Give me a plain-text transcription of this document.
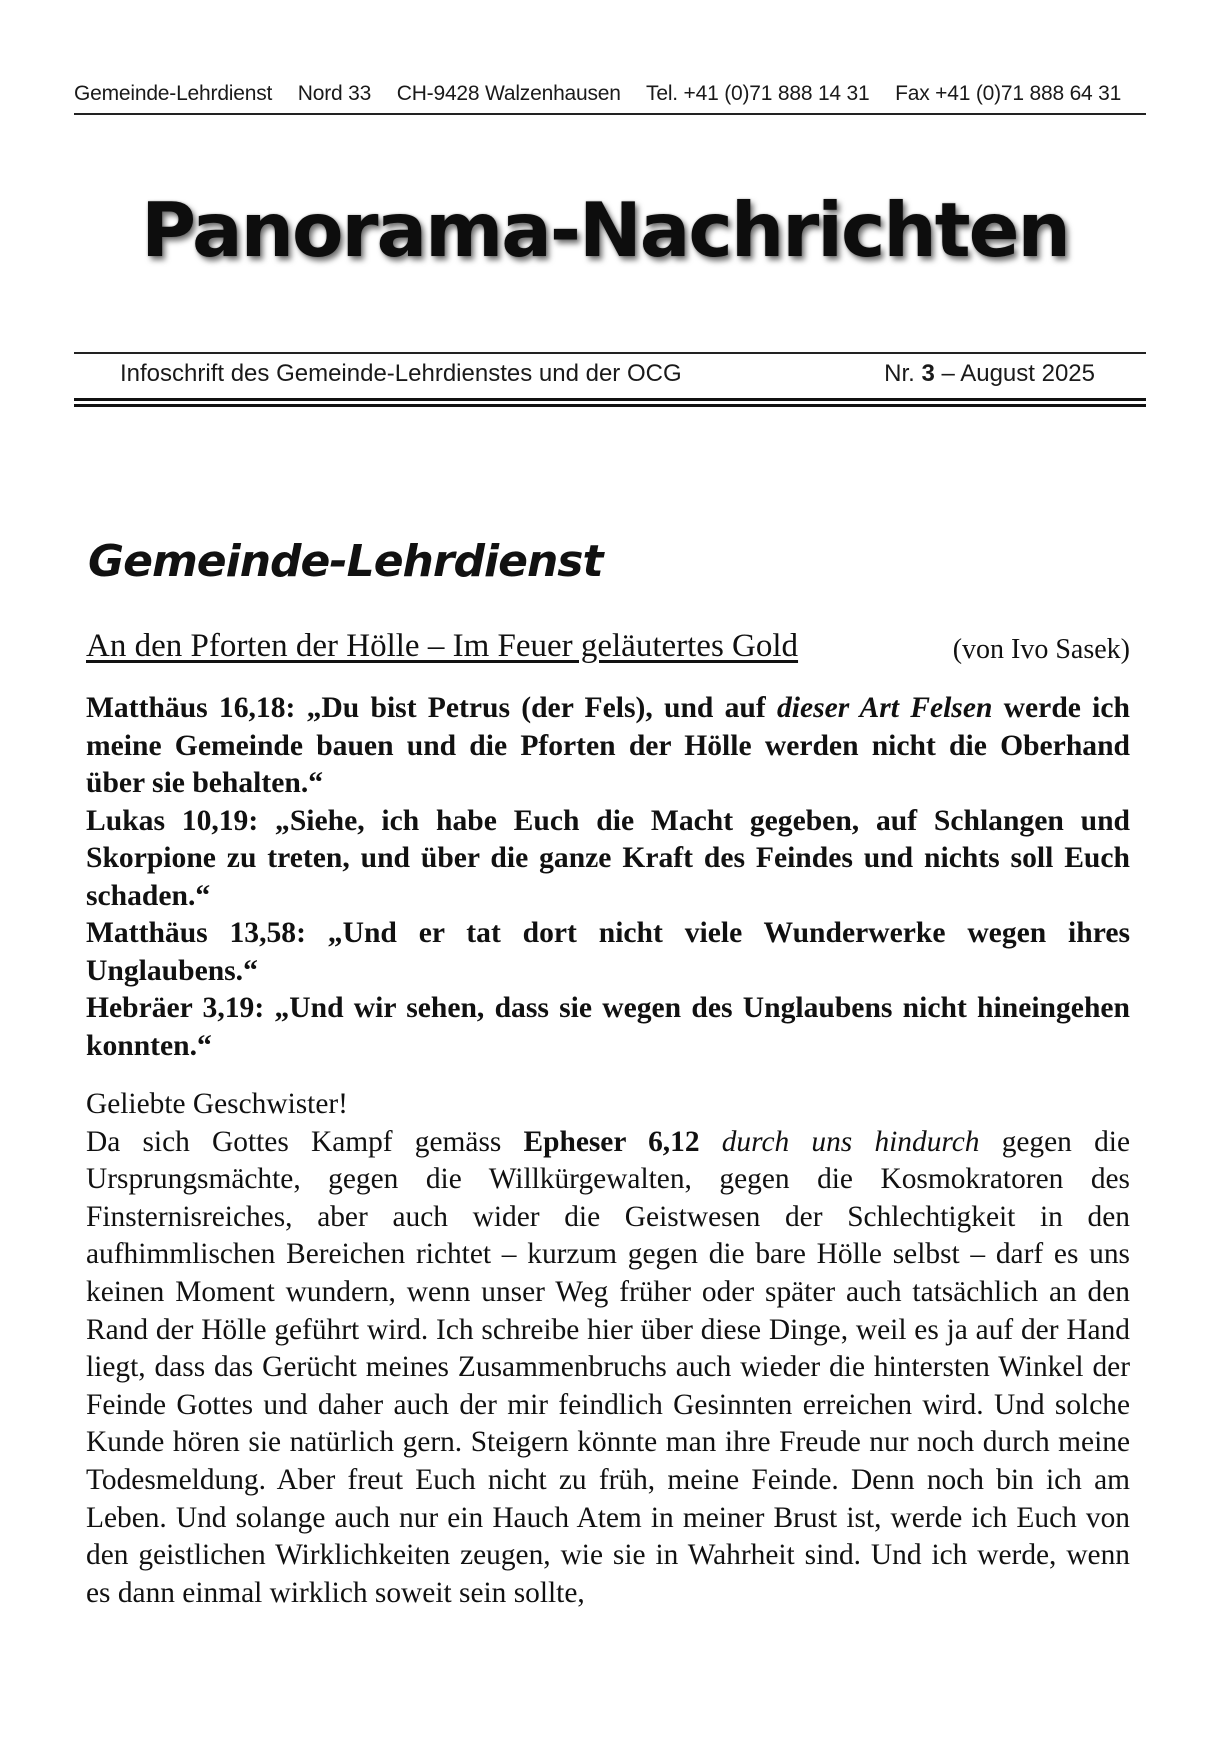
Gemeinde-Lehrdienst Nord 33 CH-9428 Walzenhausen Tel. +41 (0)71 888 14 31 Fax +41 (0)71 888 64 31
Panorama-Nachrichten
Infoschrift des Gemeinde-Lehrdienstes und der OCG	Nr. 3 – August 2025
Gemeinde-Lehrdienst
An den Pforten der Hölle – Im Feuer geläutertes Gold	(von Ivo Sasek)

Matthäus 16,18: „Du bist Petrus (der Fels), und auf dieser Art Felsen werde ich meine Gemeinde bauen und die Pforten der Hölle werden nicht die Oberhand über sie behalten.“

Lukas 10,19: „Siehe, ich habe Euch die Macht gegeben, auf Schlangen und Skorpione zu treten, und über die ganze Kraft des Feindes und nichts soll Euch schaden.“

Matthäus 13,58: „Und er tat dort nicht viele Wunderwerke wegen ihres Unglaubens.“

Hebräer 3,19: „Und wir sehen, dass sie wegen des Unglaubens nicht hineingehen konnten.“

Geliebte Geschwister!

Da sich Gottes Kampf gemäss Epheser 6,12 durch uns hindurch gegen die Ursprungsmächte, gegen die Willkürgewalten, gegen die Kosmokratoren des Finsternisreiches, aber auch wider die Geistwesen der Schlechtigkeit in den aufhimmlischen Bereichen richtet – kurzum gegen die bare Hölle selbst – darf es uns keinen Moment wundern, wenn unser Weg früher oder später auch tatsächlich an den Rand der Hölle geführt wird. Ich schreibe hier über diese Dinge, weil es ja auf der Hand liegt, dass das Gerücht meines Zusammenbruchs auch wieder die hintersten Winkel der Feinde Gottes und daher auch der mir feindlich Gesinnten erreichen wird. Und solche Kunde hören sie natürlich gern. Steigern könnte man ihre Freude nur noch durch meine Todesmeldung. Aber freut Euch nicht zu früh, meine Feinde. Denn noch bin ich am Leben. Und solange auch nur ein Hauch Atem in meiner Brust ist, werde ich Euch von den geistlichen Wirklichkeiten zeugen, wie sie in Wahrheit sind. Und ich werde, wenn es dann einmal wirklich soweit sein sollte,
